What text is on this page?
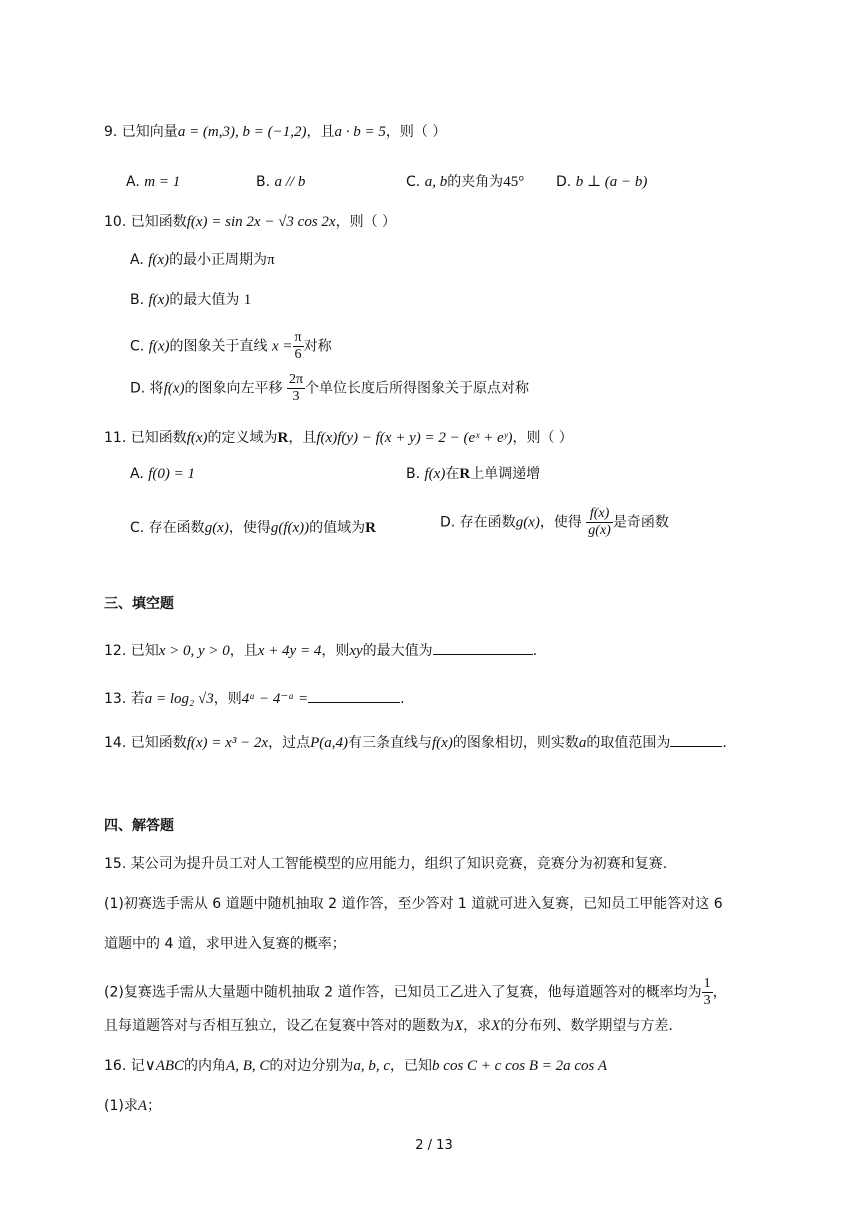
9. 已知向量a = (m,3), b = (−1,2)，且a · b = 5，则（ ）
A. m = 1	B. a // b	C. a, b的夹角为45° D. b ⊥ (a − b)
10. 已知函数f(x) = sin 2x − √3 cos 2x，则（ ）
A. f(x)的最小正周期为π
B. f(x)的最大值为 1
C. f(x)的图象关于直线 $x = \frac{\pi}{6}$ 对称
D. 将f(x)的图象向左平移 $\frac{2\pi}{3}$ 个单位长度后所得图象关于原点对称
11. 已知函数f(x)的定义域为R，且f(x)f(y) − f(x + y) = 2 − (eˣ + eʸ)，则（ ）
A. f(0) = 1	B. f(x)在R上单调递增
C. 存在函数g(x)，使得g(f(x))的值域为R	D. 存在函数g(x)，使得 $\frac{f(x)}{g(x)}$ 是奇函数
三、填空题
12. 已知x > 0, y > 0，且x + 4y = 4，则xy的最大值为	.
13. 若a = log₂ √3，则4ᵃ − 4⁻ᵃ =	.
14. 已知函数f(x) = x³ − 2x，过点P(a,4)有三条直线与f(x)的图象相切，则实数a的取值范围为	.
四、解答题
15. 某公司为提升员工对人工智能模型的应用能力，组织了知识竞赛，竞赛分为初赛和复赛.
(1)初赛选手需从 6 道题中随机抽取 2 道作答，至少答对 1 道就可进入复赛，已知员工甲能答对这 6
道题中的 4 道，求甲进入复赛的概率；
(2)复赛选手需从大量题中随机抽取 2 道作答，已知员工乙进入了复赛，他每道题答对的概率均为 $\frac{1}{3}$ ，
且每道题答对与否相互独立，设乙在复赛中答对的题数为X，求X的分布列、数学期望与方差.
16. 记∨ABC的内角A, B, C的对边分别为a, b, c，已知b cos C + c cos B = 2a cos A
(1)求A；
2 / 13
